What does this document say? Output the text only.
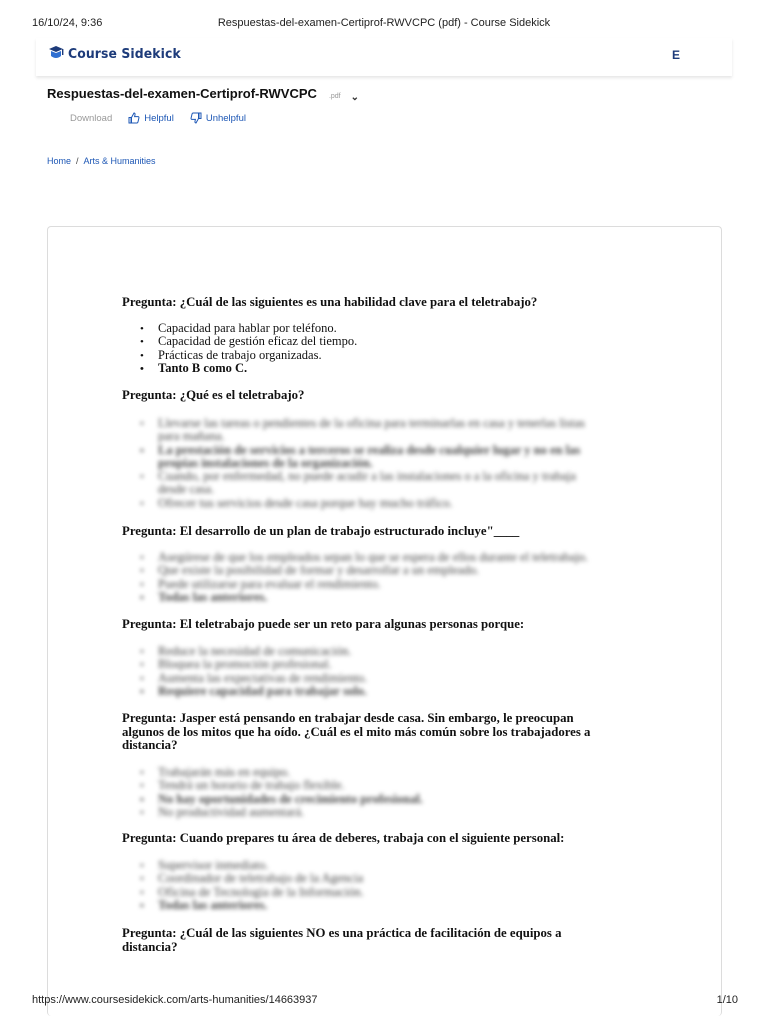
16/10/24, 9:36	Respuestas-del-examen-Certiprof-RWVCPC (pdf) - Course Sidekick
Course Sidekick	E
Respuestas-del-examen-Certiprof-RWVCPC .pdf ⌄
Download	Helpful	Unhelpful
Home / Arts & Humanities
Pregunta: ¿Cuál de las siguientes es una habilidad clave para el teletrabajo?
• Capacidad para hablar por teléfono.
• Capacidad de gestión eficaz del tiempo.
• Prácticas de trabajo organizadas.
• Tanto B como C.
Pregunta: ¿Qué es el teletrabajo?
• Llevarse las tareas o pendientes de la oficina para terminarlas en casa y tenerlas listas para mañana.
• La prestación de servicios a terceros se realiza desde cualquier lugar y no en las propias instalaciones de la organización.
• Cuando, por enfermedad, no puede acudir a las instalaciones o a la oficina y trabaja desde casa.
• Ofrecer tus servicios desde casa porque hay mucho tráfico.
Pregunta: El desarrollo de un plan de trabajo estructurado incluye"____
• Asegúrese de que los empleados sepan lo que se espera de ellos durante el teletrabajo.
• Que existe la posibilidad de formar y desarrollar a un empleado.
• Puede utilizarse para evaluar el rendimiento.
• Todas las anteriores.
Pregunta: El teletrabajo puede ser un reto para algunas personas porque:
• Reduce la necesidad de comunicación.
• Bloquea la promoción profesional.
• Aumenta las expectativas de rendimiento.
• Requiere capacidad para trabajar solo.
Pregunta: Jasper está pensando en trabajar desde casa. Sin embargo, le preocupan algunos de los mitos que ha oído. ¿Cuál es el mito más común sobre los trabajadores a distancia?
• Trabajarán más en equipo.
• Tendrá un horario de trabajo flexible.
• No hay oportunidades de crecimiento profesional.
• No productividad aumentará.
Pregunta: Cuando prepares tu área de deberes, trabaja con el siguiente personal:
• Supervisor inmediato.
• Coordinador de teletrabajo de la Agencia
• Oficina de Tecnología de la Información.
• Todas las anteriores.
Pregunta: ¿Cuál de las siguientes NO es una práctica de facilitación de equipos a distancia?
https://www.coursesidekick.com/arts-humanities/14663937	1/10
